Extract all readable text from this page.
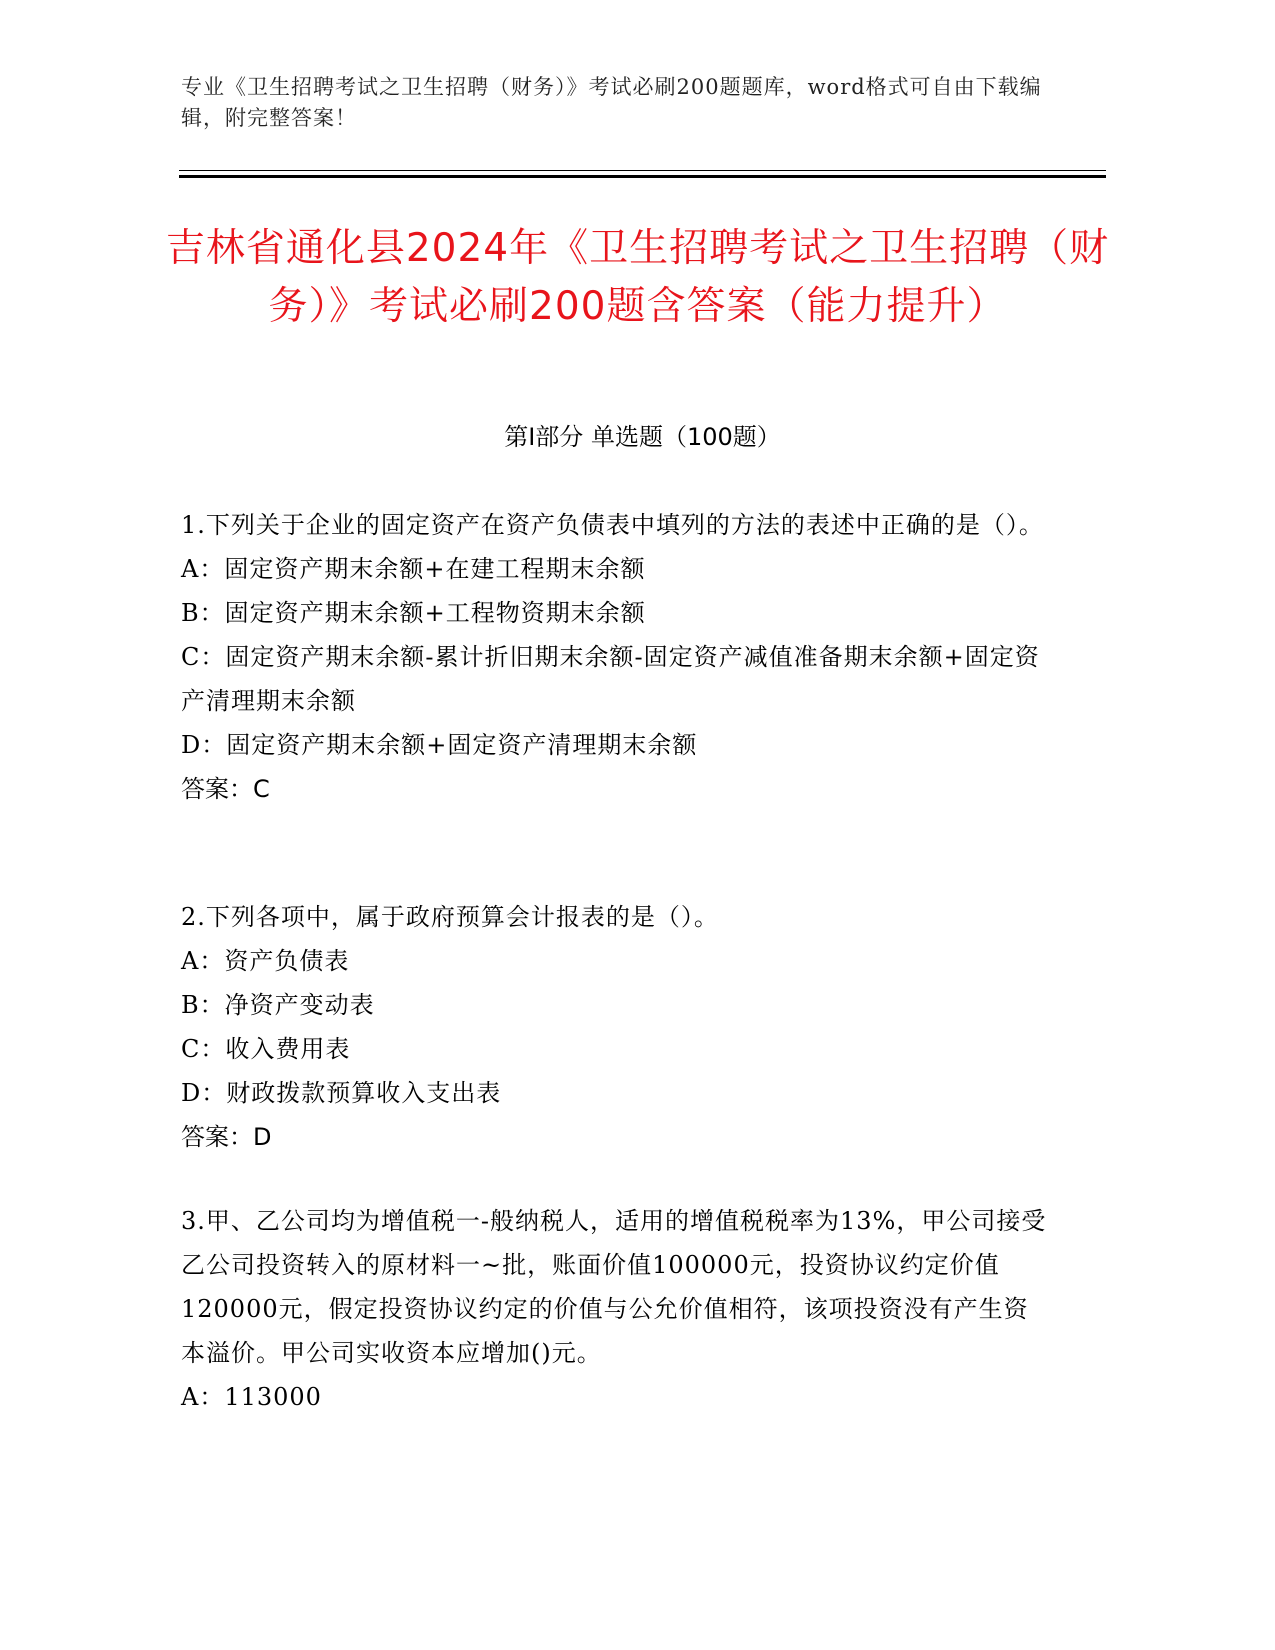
专业《卫生招聘考试之卫生招聘（财务）》考试必刷200题题库，word格式可自由下载编辑，附完整答案！
吉林省通化县2024年《卫生招聘考试之卫生招聘（财务）》考试必刷200题含答案（能力提升）
第Ⅰ部分 单选题（100题）

1.下列关于企业的固定资产在资产负债表中填列的方法的表述中正确的是（）。

A：固定资产期末余额+在建工程期末余额

B：固定资产期末余额+工程物资期末余额

C：固定资产期末余额-累计折旧期末余额-固定资产减值准备期末余额+固定资产清理期末余额

D：固定资产期末余额+固定资产清理期末余额

答案：C

2.下列各项中，属于政府预算会计报表的是（）。

A：资产负债表

B：净资产变动表

C：收入费用表

D：财政拨款预算收入支出表

答案：D

3.甲、乙公司均为增值税一-般纳税人，适用的增值税税率为13%，甲公司接受乙公司投资转入的原材料一~批，账面价值100000元，投资协议约定价值120000元，假定投资协议约定的价值与公允价值相符，该项投资没有产生资本溢价。甲公司实收资本应增加()元。

A：113000
